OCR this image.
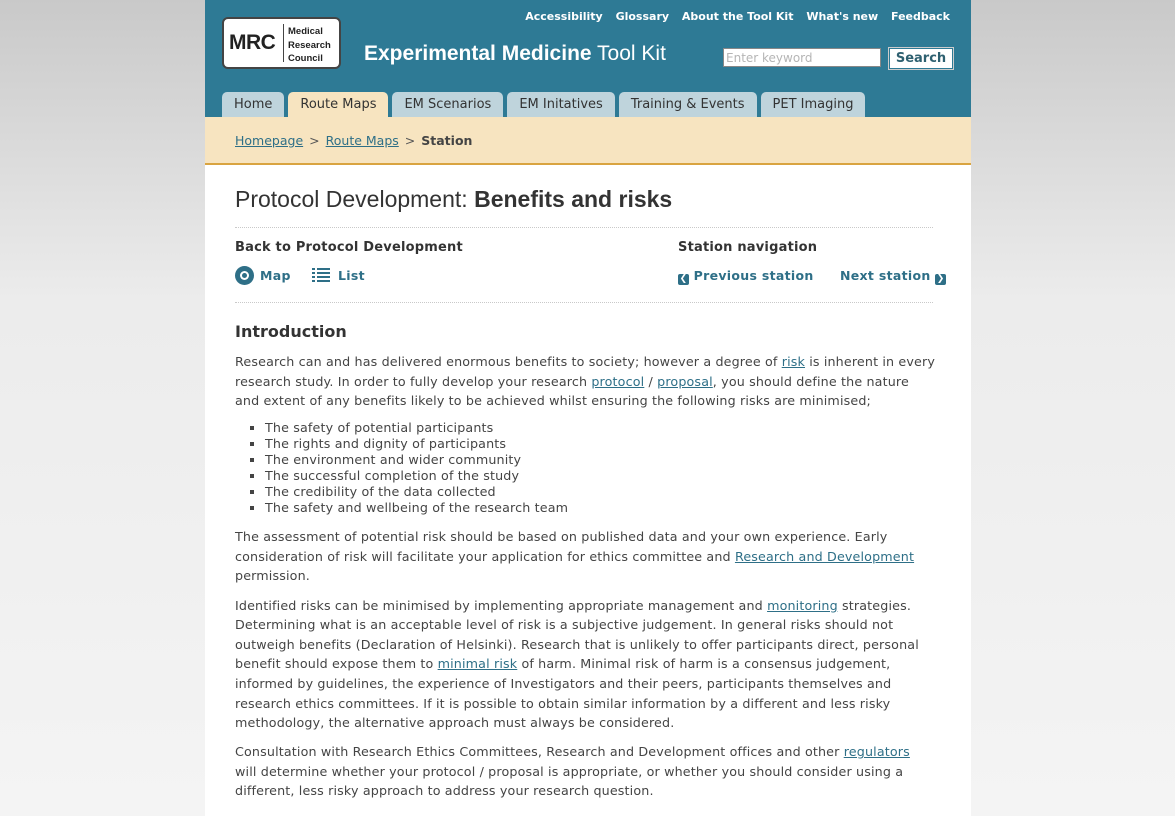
MRC Medical
Research
Council	Experimental Medicine Tool Kit
Accessibility Glossary About the Tool Kit What's new Feedback
Enter keyword
Search
Home	Route Maps	EM Scenarios	EM Initatives	Training & Events	PET Imaging
Homepage > Route Maps > Station
Protocol Development: Benefits and risks
Back to Protocol Development
Map	List
Station navigation
❮ Previous station Next station ❯
Introduction

Research can and has delivered enormous benefits to society; however a degree of risk is inherent in every research study. In order to fully develop your research protocol / proposal, you should define the nature and extent of any benefits likely to be achieved whilst ensuring the following risks are minimised;

▪ The safety of potential participants
▪ The rights and dignity of participants
▪ The environment and wider community
▪ The successful completion of the study
▪ The credibility of the data collected
▪ The safety and wellbeing of the research team

The assessment of potential risk should be based on published data and your own experience. Early consideration of risk will facilitate your application for ethics committee and Research and Development permission.

Identified risks can be minimised by implementing appropriate management and monitoring strategies. Determining what is an acceptable level of risk is a subjective judgement. In general risks should not outweigh benefits (Declaration of Helsinki). Research that is unlikely to offer participants direct, personal benefit should expose them to minimal risk of harm. Minimal risk of harm is a consensus judgement, informed by guidelines, the experience of Investigators and their peers, participants themselves and research ethics committees. If it is possible to obtain similar information by a different and less risky methodology, the alternative approach must always be considered.

Consultation with Research Ethics Committees, Research and Development offices and other regulators will determine whether your protocol / proposal is appropriate, or whether you should consider using a different, less risky approach to address your research question.
